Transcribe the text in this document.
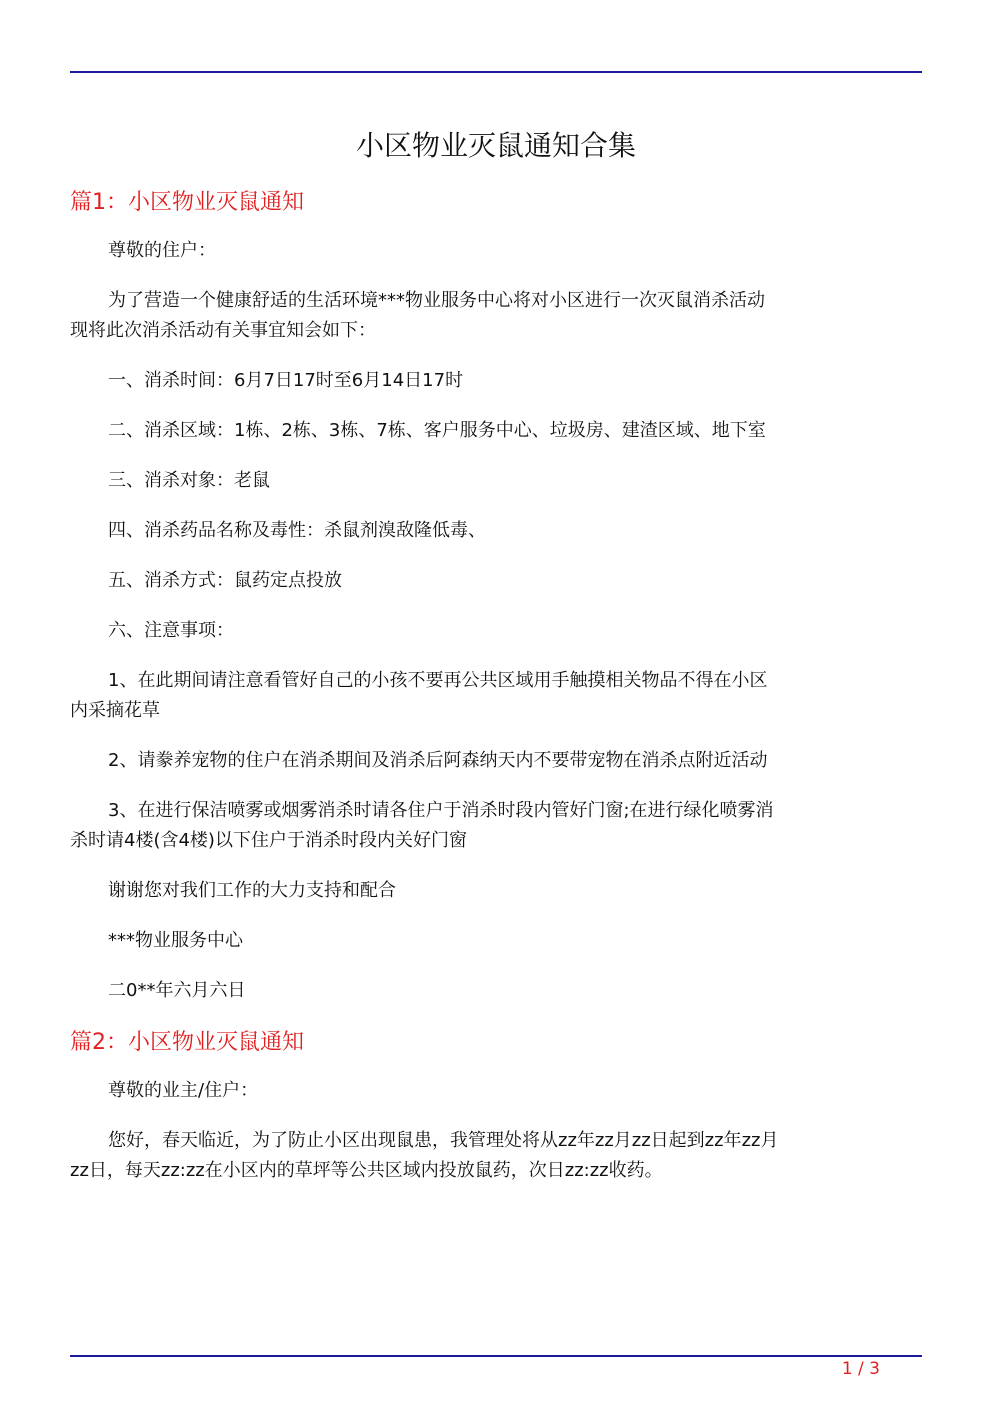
小区物业灭鼠通知合集
篇1：小区物业灭鼠通知
尊敬的住户：
为了营造一个健康舒适的生活环境***物业服务中心将对小区进行一次灭鼠消杀活动现将此次消杀活动有关事宜知会如下：
一、消杀时间：6月7日17时至6月14日17时
二、消杀区域：1栋、2栋、3栋、7栋、客户服务中心、垃圾房、建渣区域、地下室
三、消杀对象：老鼠
四、消杀药品名称及毒性：杀鼠剂溴敌隆低毒、
五、消杀方式：鼠药定点投放
六、注意事项：
1、在此期间请注意看管好自己的小孩不要再公共区域用手触摸相关物品不得在小区内采摘花草
2、请豢养宠物的住户在消杀期间及消杀后阿森纳天内不要带宠物在消杀点附近活动
3、在进行保洁喷雾或烟雾消杀时请各住户于消杀时段内管好门窗;在进行绿化喷雾消杀时请4楼(含4楼)以下住户于消杀时段内关好门窗
谢谢您对我们工作的大力支持和配合
***物业服务中心
二0**年六月六日
篇2：小区物业灭鼠通知
尊敬的业主/住户：
您好，春天临近，为了防止小区出现鼠患，我管理处将从zz年zz月zz日起到zz年zz月zz日，每天zz:zz在小区内的草坪等公共区域内投放鼠药，次日zz:zz收药。
1 / 3
